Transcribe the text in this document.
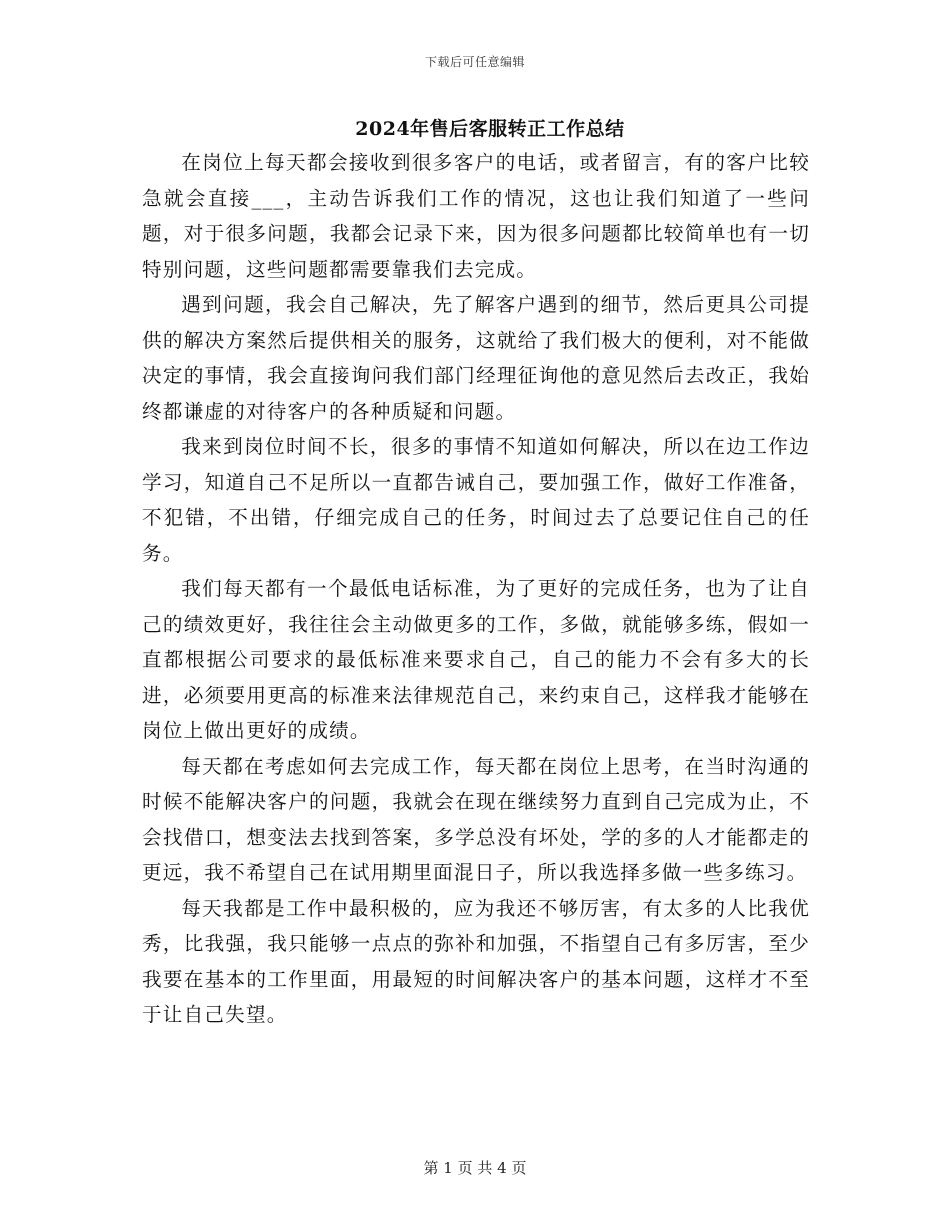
下载后可任意编辑
2024年售后客服转正工作总结

在岗位上每天都会接收到很多客户的电话，或者留言，有的客户比较急就会直接___，主动告诉我们工作的情况，这也让我们知道了一些问题，对于很多问题，我都会记录下来，因为很多问题都比较简单也有一切特别问题，这些问题都需要靠我们去完成。

遇到问题，我会自己解决，先了解客户遇到的细节，然后更具公司提供的解决方案然后提供相关的服务，这就给了我们极大的便利，对不能做决定的事情，我会直接询问我们部门经理征询他的意见然后去改正，我始终都谦虚的对待客户的各种质疑和问题。

我来到岗位时间不长，很多的事情不知道如何解决，所以在边工作边学习，知道自己不足所以一直都告诫自己，要加强工作，做好工作准备，不犯错，不出错，仔细完成自己的任务，时间过去了总要记住自己的任务。

我们每天都有一个最低电话标准，为了更好的完成任务，也为了让自己的绩效更好，我往往会主动做更多的工作，多做，就能够多练，假如一直都根据公司要求的最低标准来要求自己，自己的能力不会有多大的长进，必须要用更高的标准来法律规范自己，来约束自己，这样我才能够在岗位上做出更好的成绩。

每天都在考虑如何去完成工作，每天都在岗位上思考，在当时沟通的时候不能解决客户的问题，我就会在现在继续努力直到自己完成为止，不会找借口，想变法去找到答案，多学总没有坏处，学的多的人才能都走的更远，我不希望自己在试用期里面混日子，所以我选择多做一些多练习。

每天我都是工作中最积极的，应为我还不够厉害，有太多的人比我优秀，比我强，我只能够一点点的弥补和加强，不指望自己有多厉害，至少我要在基本的工作里面，用最短的时间解决客户的基本问题，这样才不至于让自己失望。

第 1 页 共 4 页
